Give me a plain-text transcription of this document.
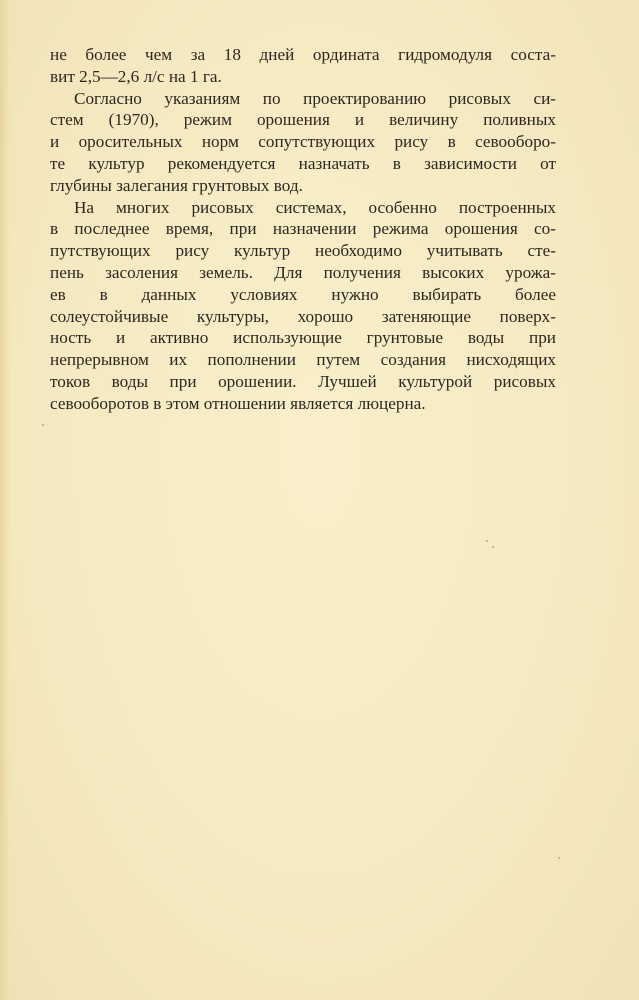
не более чем за 18 дней ордината гидромодуля соста-
вит 2,5—2,6 л/с на 1 га.
Согласно указаниям по проектированию рисовых си-
стем (1970), режим орошения и величину поливных
и оросительных норм сопутствующих рису в севооборо-
те культур рекомендуется назначать в зависимости от
глубины залегания грунтовых вод.
На многих рисовых системах, особенно построенных
в последнее время, при назначении режима орошения со-
путствующих рису культур необходимо учитывать сте-
пень засоления земель. Для получения высоких урожа-
ев в данных условиях нужно выбирать более
солеустойчивые культуры, хорошо затеняющие поверх-
ность и активно использующие грунтовые воды при
непрерывном их пополнении путем создания нисходящих
токов воды при орошении. Лучшей культурой рисовых
севооборотов в этом отношении является люцерна.
